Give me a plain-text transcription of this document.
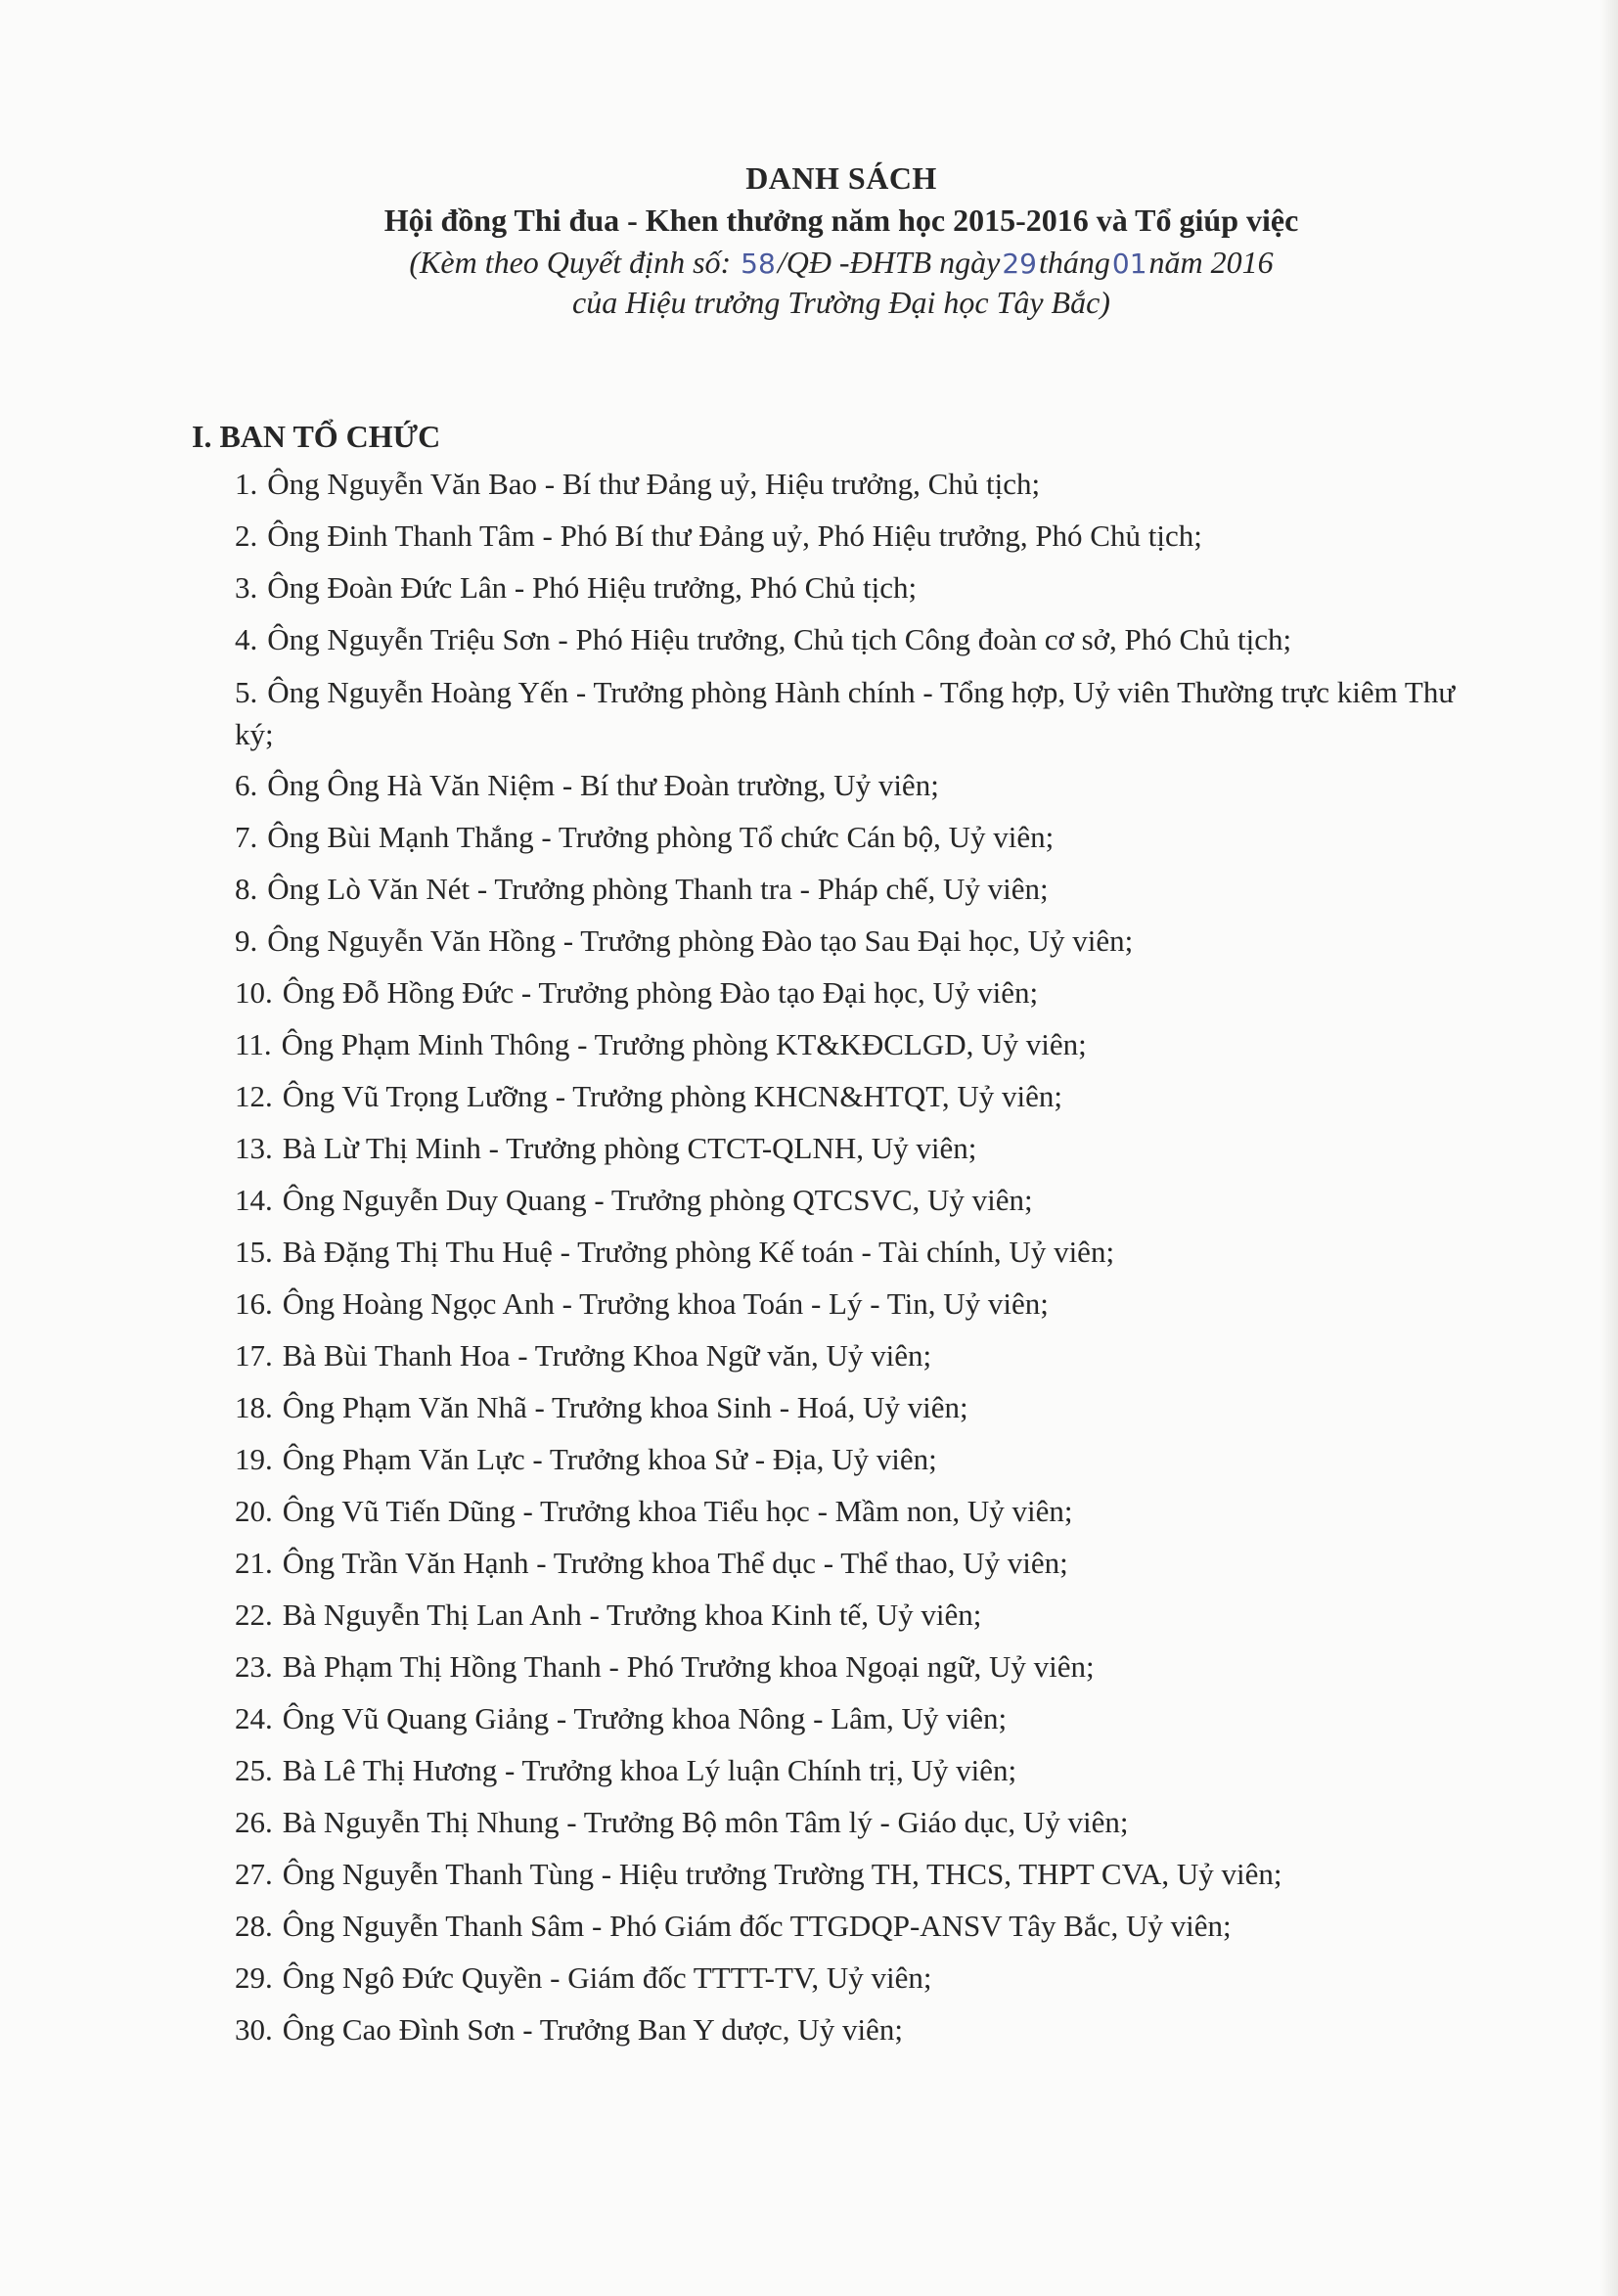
DANH SÁCH
Hội đồng Thi đua - Khen thưởng năm học 2015-2016 và Tổ giúp việc
(Kèm theo Quyết định số: 58/QĐ -ĐHTB ngày29tháng01năm 2016
của Hiệu trưởng Trường Đại học Tây Bắc)
I. BAN TỔ CHỨC
1. Ông Nguyễn Văn Bao - Bí thư Đảng uỷ, Hiệu trưởng, Chủ tịch;
2. Ông Đinh Thanh Tâm - Phó Bí thư Đảng uỷ, Phó Hiệu trưởng, Phó Chủ tịch;
3. Ông Đoàn Đức Lân - Phó Hiệu trưởng, Phó Chủ tịch;
4. Ông Nguyễn Triệu Sơn - Phó Hiệu trưởng, Chủ tịch Công đoàn cơ sở, Phó Chủ tịch;
5. Ông Nguyễn Hoàng Yến - Trưởng phòng Hành chính - Tổng hợp, Uỷ viên Thường trực kiêm Thư ký;
6. Ông Ông Hà Văn Niệm - Bí thư Đoàn trường, Uỷ viên;
7. Ông Bùi Mạnh Thắng - Trưởng phòng Tổ chức Cán bộ, Uỷ viên;
8. Ông Lò Văn Nét - Trưởng phòng Thanh tra - Pháp chế, Uỷ viên;
9. Ông Nguyễn Văn Hồng - Trưởng phòng Đào tạo Sau Đại học, Uỷ viên;
10. Ông Đỗ Hồng Đức - Trưởng phòng Đào tạo Đại học, Uỷ viên;
11. Ông Phạm Minh Thông - Trưởng phòng KT&KĐCLGD, Uỷ viên;
12. Ông Vũ Trọng Lưỡng - Trưởng phòng KHCN&HTQT, Uỷ viên;
13. Bà Lừ Thị Minh - Trưởng phòng CTCT-QLNH, Uỷ viên;
14. Ông Nguyễn Duy Quang - Trưởng phòng QTCSVC, Uỷ viên;
15. Bà Đặng Thị Thu Huệ - Trưởng phòng Kế toán - Tài chính, Uỷ viên;
16. Ông Hoàng Ngọc Anh - Trưởng khoa Toán - Lý - Tin, Uỷ viên;
17. Bà Bùi Thanh Hoa - Trưởng Khoa Ngữ văn, Uỷ viên;
18. Ông Phạm Văn Nhã - Trưởng khoa Sinh - Hoá, Uỷ viên;
19. Ông Phạm Văn Lực - Trưởng khoa Sử - Địa, Uỷ viên;
20. Ông Vũ Tiến Dũng - Trưởng khoa Tiểu học - Mầm non, Uỷ viên;
21. Ông Trần Văn Hạnh - Trưởng khoa Thể dục - Thể thao, Uỷ viên;
22. Bà Nguyễn Thị Lan Anh - Trưởng khoa Kinh tế, Uỷ viên;
23. Bà Phạm Thị Hồng Thanh - Phó Trưởng khoa Ngoại ngữ, Uỷ viên;
24. Ông Vũ Quang Giảng - Trưởng khoa Nông - Lâm, Uỷ viên;
25. Bà Lê Thị Hương - Trưởng khoa Lý luận Chính trị, Uỷ viên;
26. Bà Nguyễn Thị Nhung - Trưởng Bộ môn Tâm lý - Giáo dục, Uỷ viên;
27. Ông Nguyễn Thanh Tùng - Hiệu trưởng Trường TH, THCS, THPT CVA, Uỷ viên;
28. Ông Nguyễn Thanh Sâm - Phó Giám đốc TTGDQP-ANSV Tây Bắc, Uỷ viên;
29. Ông Ngô Đức Quyền - Giám đốc TTTT-TV, Uỷ viên;
30. Ông Cao Đình Sơn - Trưởng Ban Y dược, Uỷ viên;
